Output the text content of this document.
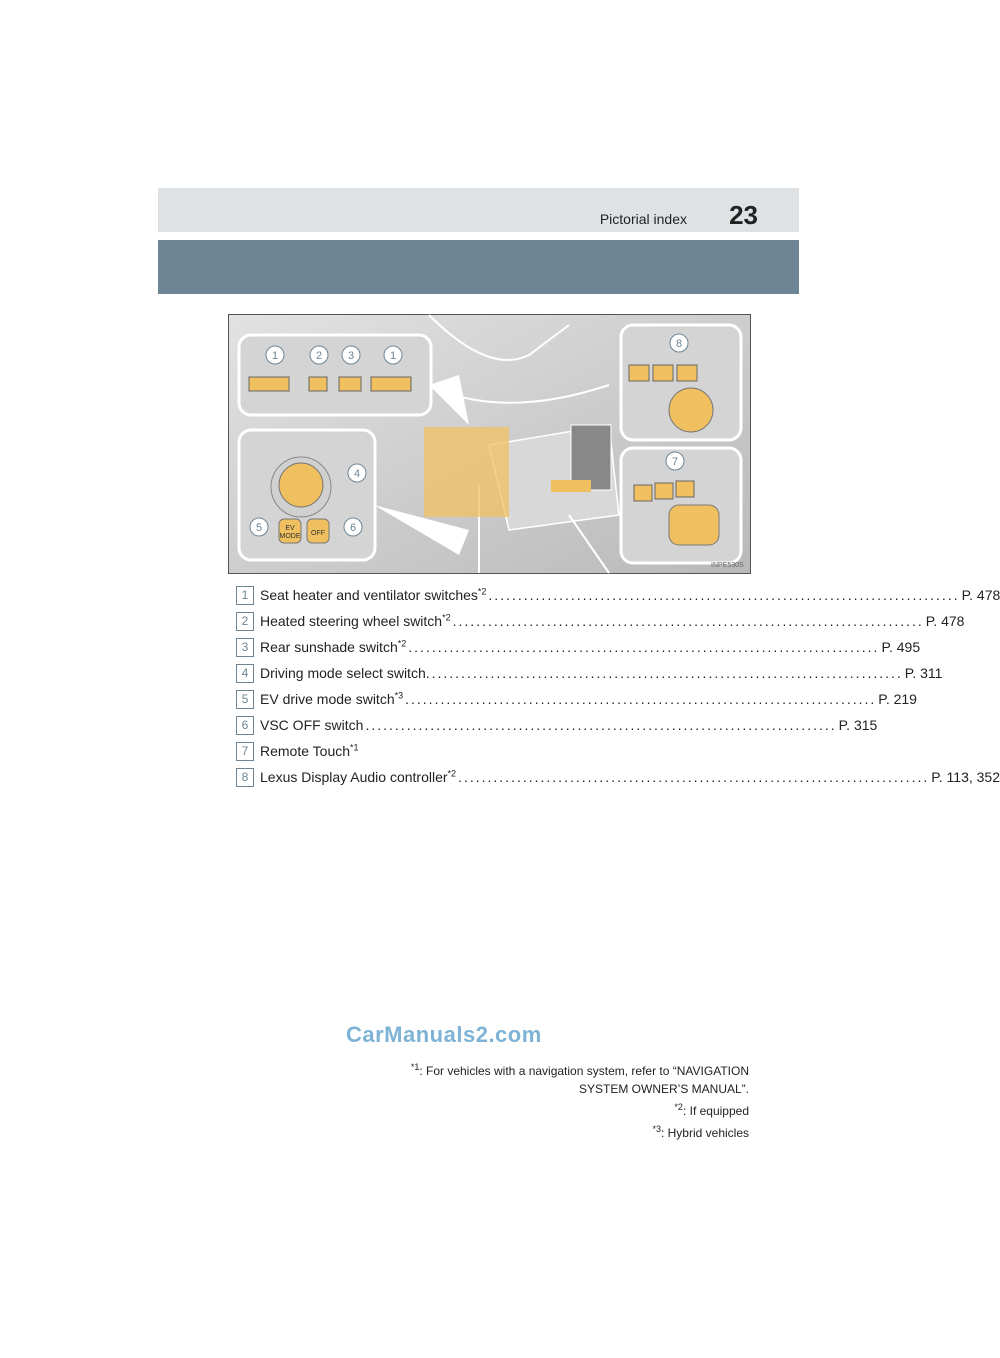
Pictorial index 23
1	2 3	1
EV
MODE OFF
4
5	6
8
7
INPE530S
1 Seat heater and ventilator switches$^{*2}$ ................................................................................ P. 478
2 Heated steering wheel switch$^{*2}$ ................................................................................ P. 478
3 Rear sunshade switch$^{*2}$ ................................................................................ P. 495
4 Driving mode select switch. ................................................................................ P. 311
5 EV drive mode switch$^{*3}$ ................................................................................ P. 219
6 VSC OFF switch ................................................................................ P. 315
7 Remote Touch$^{*1}$
8 Lexus Display Audio controller$^{*2}$ ................................................................................ P. 113, 352
CarManuals2.com
$^{*1}$: For vehicles with a navigation system, refer to “NAVIGATION
SYSTEM OWNER’S MANUAL”.
$^{*2}$: If equipped
$^{*3}$: Hybrid vehicles
